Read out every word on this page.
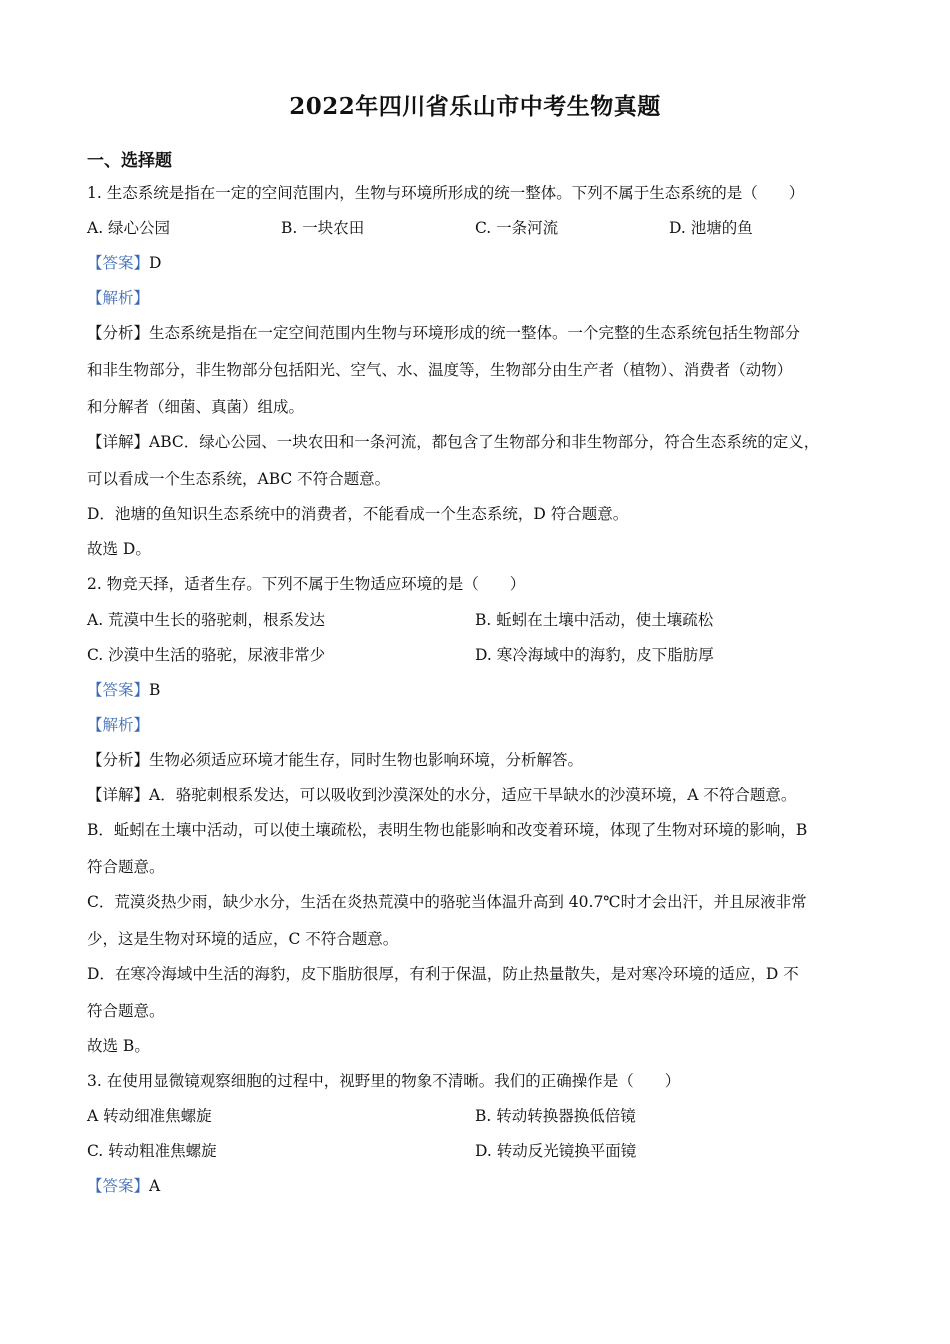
2022年四川省乐山市中考生物真题
一、选择题
1. 生态系统是指在一定的空间范围内，生物与环境所形成的统一整体。下列不属于生态系统的是（　　）
A. 绿心公园	B. 一块农田	C. 一条河流	D. 池塘的鱼
【答案】D
【解析】
【分析】生态系统是指在一定空间范围内生物与环境形成的统一整体。一个完整的生态系统包括生物部分
和非生物部分，非生物部分包括阳光、空气、水、温度等，生物部分由生产者（植物）、消费者（动物）
和分解者（细菌、真菌）组成。
【详解】ABC．绿心公园、一块农田和一条河流，都包含了生物部分和非生物部分，符合生态系统的定义，
可以看成一个生态系统，ABC 不符合题意。
D．池塘的鱼知识生态系统中的消费者，不能看成一个生态系统，D 符合题意。
故选 D。
2. 物竞天择，适者生存。下列不属于生物适应环境的是（　　）
A. 荒漠中生长的骆驼刺，根系发达	B. 蚯蚓在土壤中活动，使土壤疏松
C. 沙漠中生活的骆驼，尿液非常少	D. 寒冷海域中的海豹，皮下脂肪厚
【答案】B
【解析】
【分析】生物必须适应环境才能生存，同时生物也影响环境，分析解答。
【详解】A．骆驼刺根系发达，可以吸收到沙漠深处的水分，适应干旱缺水的沙漠环境，A 不符合题意。
B．蚯蚓在土壤中活动，可以使土壤疏松，表明生物也能影响和改变着环境，体现了生物对环境的影响，B
符合题意。
C．荒漠炎热少雨，缺少水分，生活在炎热荒漠中的骆驼当体温升高到 40.7℃时才会出汗，并且尿液非常
少，这是生物对环境的适应，C 不符合题意。
D．在寒冷海域中生活的海豹，皮下脂肪很厚，有利于保温，防止热量散失，是对寒冷环境的适应，D 不
符合题意。
故选 B。
3. 在使用显微镜观察细胞的过程中，视野里的物象不清晰。我们的正确操作是（　　）
A 转动细准焦螺旋	B. 转动转换器换低倍镜
C. 转动粗准焦螺旋	D. 转动反光镜换平面镜
【答案】A
